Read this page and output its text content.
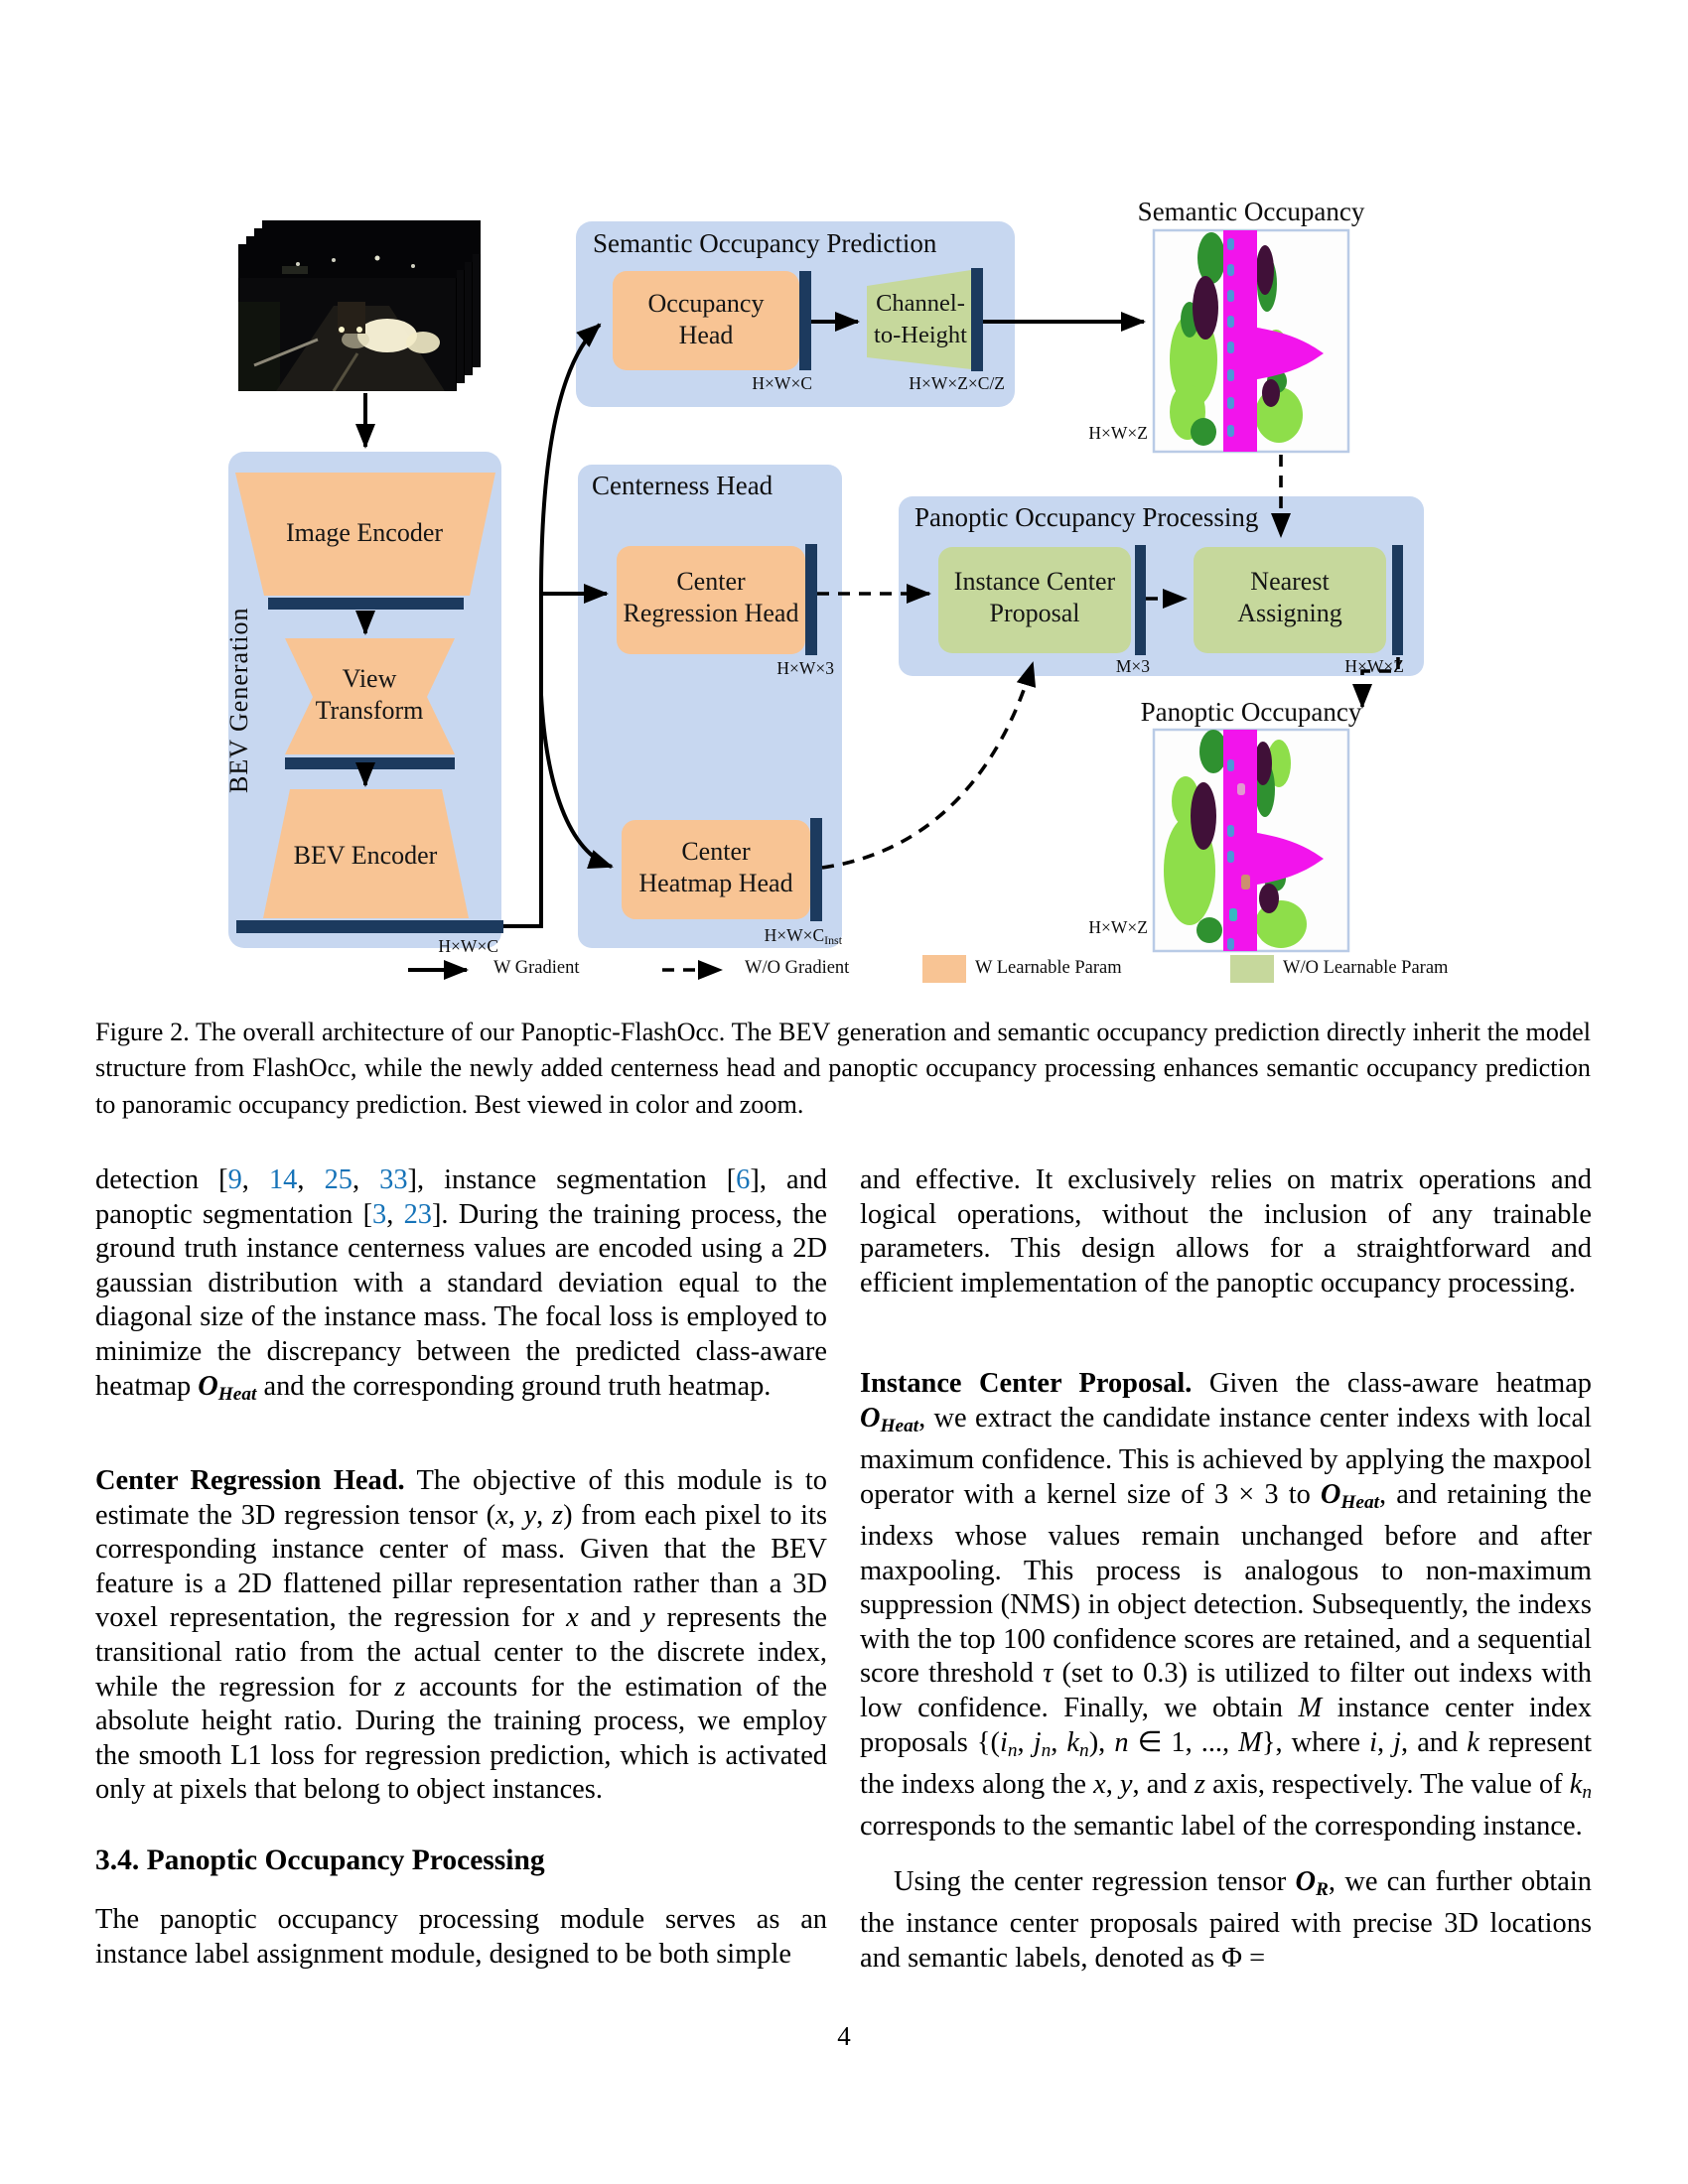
BEV Generation
Semantic Occupancy Prediction
Centerness Head
Panoptic Occupancy Processing
Semantic Occupancy
Panoptic Occupancy
Image Encoder
View
Transform
BEV Encoder
Occupancy
Head
Channel-
to-Height
Center
Regression Head
Center
Heatmap Head
Instance Center
Proposal
Nearest
Assigning
H×W×C
H×W×C	H×W×Z×C/Z
H×W×Z
H×W×3
$H\times W\times C_{Inst}$
M×3	H×W×Z
H×W×Z
W Gradient	W/O Gradient	W Learnable Param	W/O Learnable Param
Figure 2. The overall architecture of our Panoptic-FlashOcc. The BEV generation and semantic occupancy prediction directly inherit the model structure from FlashOcc, while the newly added centerness head and panoptic occupancy processing enhances semantic occupancy prediction to panoramic occupancy prediction. Best viewed in color and zoom.
detection [9, 14, 25, 33], instance segmentation [6], and panoptic segmentation [3, 23]. During the training process, the ground truth instance centerness values are encoded using a 2D gaussian distribution with a standard deviation equal to the diagonal size of the instance mass. The focal loss is employed to minimize the discrepancy between the predicted class-aware heatmap OHeat and the corresponding ground truth heatmap.
Center Regression Head. The objective of this module is to estimate the 3D regression tensor (x, y, z) from each pixel to its corresponding instance center of mass. Given that the BEV feature is a 2D flattened pillar representation rather than a 3D voxel representation, the regression for x and y represents the transitional ratio from the actual center to the discrete index, while the regression for z accounts for the estimation of the absolute height ratio. During the training process, we employ the smooth L1 loss for regression prediction, which is activated only at pixels that belong to object instances.
3.4. Panoptic Occupancy Processing
The panoptic occupancy processing module serves as an instance label assignment module, designed to be both simple
and effective. It exclusively relies on matrix operations and logical operations, without the inclusion of any trainable parameters. This design allows for a straightforward and efficient implementation of the panoptic occupancy processing.
Instance Center Proposal. Given the class-aware heatmap OHeat, we extract the candidate instance center indexs with local maximum confidence. This is achieved by applying the maxpool operator with a kernel size of 3 × 3 to OHeat, and retaining the indexs whose values remain unchanged before and after maxpooling. This process is analogous to non-maximum suppression (NMS) in object detection. Subsequently, the indexs with the top 100 confidence scores are retained, and a sequential score threshold τ (set to 0.3) is utilized to filter out indexs with low confidence. Finally, we obtain M instance center index proposals {(in, jn, kn), n ∈ 1, ..., M}, where i, j, and k represent the indexs along the x, y, and z axis, respectively. The value of kn corresponds to the semantic label of the corresponding instance.
Using the center regression tensor OR, we can further obtain the instance center proposals paired with precise 3D locations and semantic labels, denoted as Φ =
4
